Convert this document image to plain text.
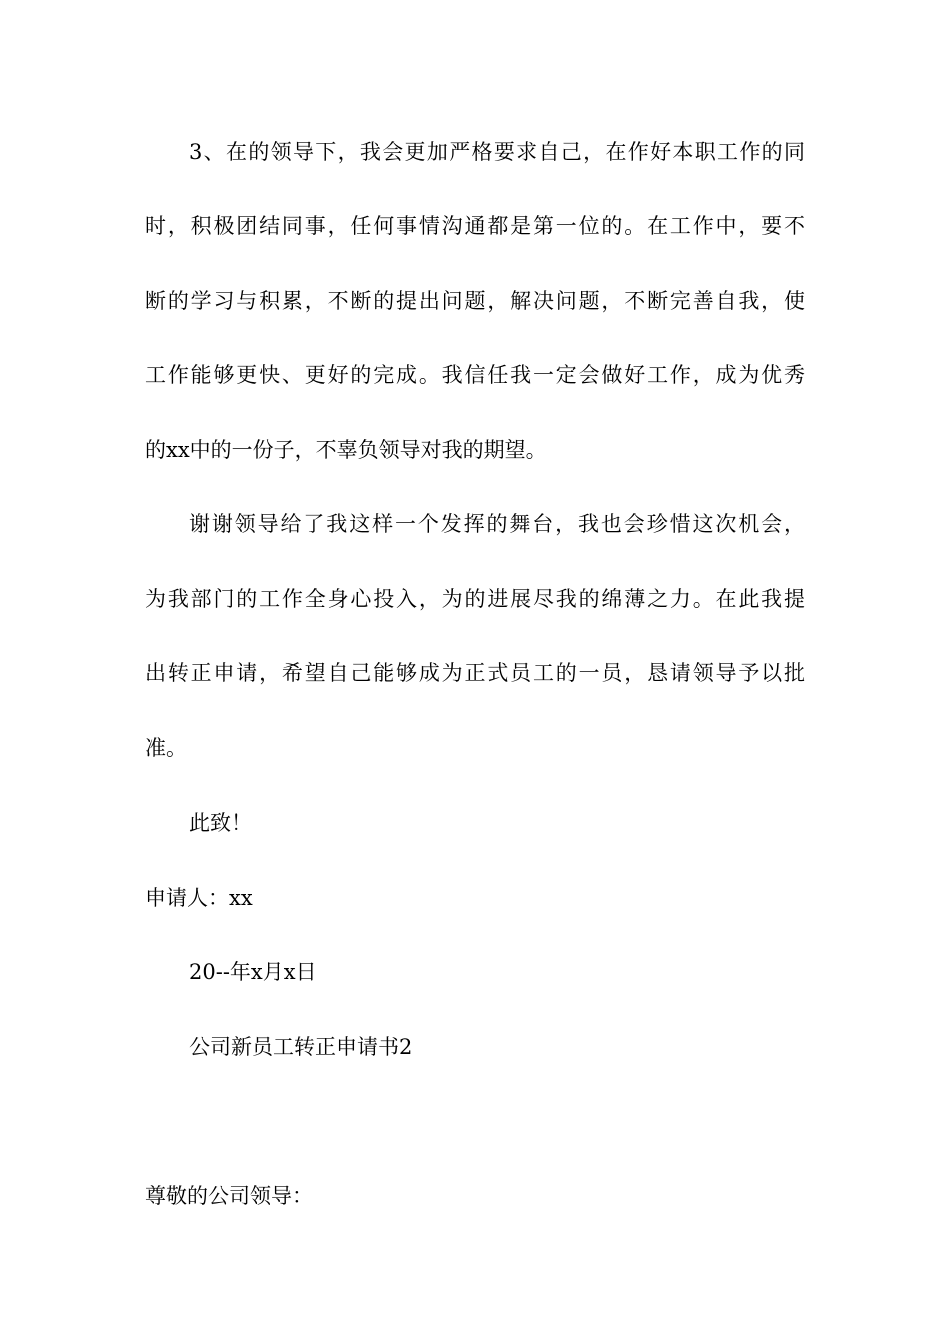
3、在的领导下，我会更加严格要求自己，在作好本职工作的同
时，积极团结同事，任何事情沟通都是第一位的。在工作中，要不
断的学习与积累，不断的提出问题，解决问题，不断完善自我，使
工作能够更快、更好的完成。我信任我一定会做好工作，成为优秀
的xx中的一份子，不辜负领导对我的期望。
谢谢领导给了我这样一个发挥的舞台，我也会珍惜这次机会，
为我部门的工作全身心投入，为的进展尽我的绵薄之力。在此我提
出转正申请，希望自己能够成为正式员工的一员，恳请领导予以批
准。
此致！
申请人：xx
20--年x月x日
公司新员工转正申请书2
尊敬的公司领导：
